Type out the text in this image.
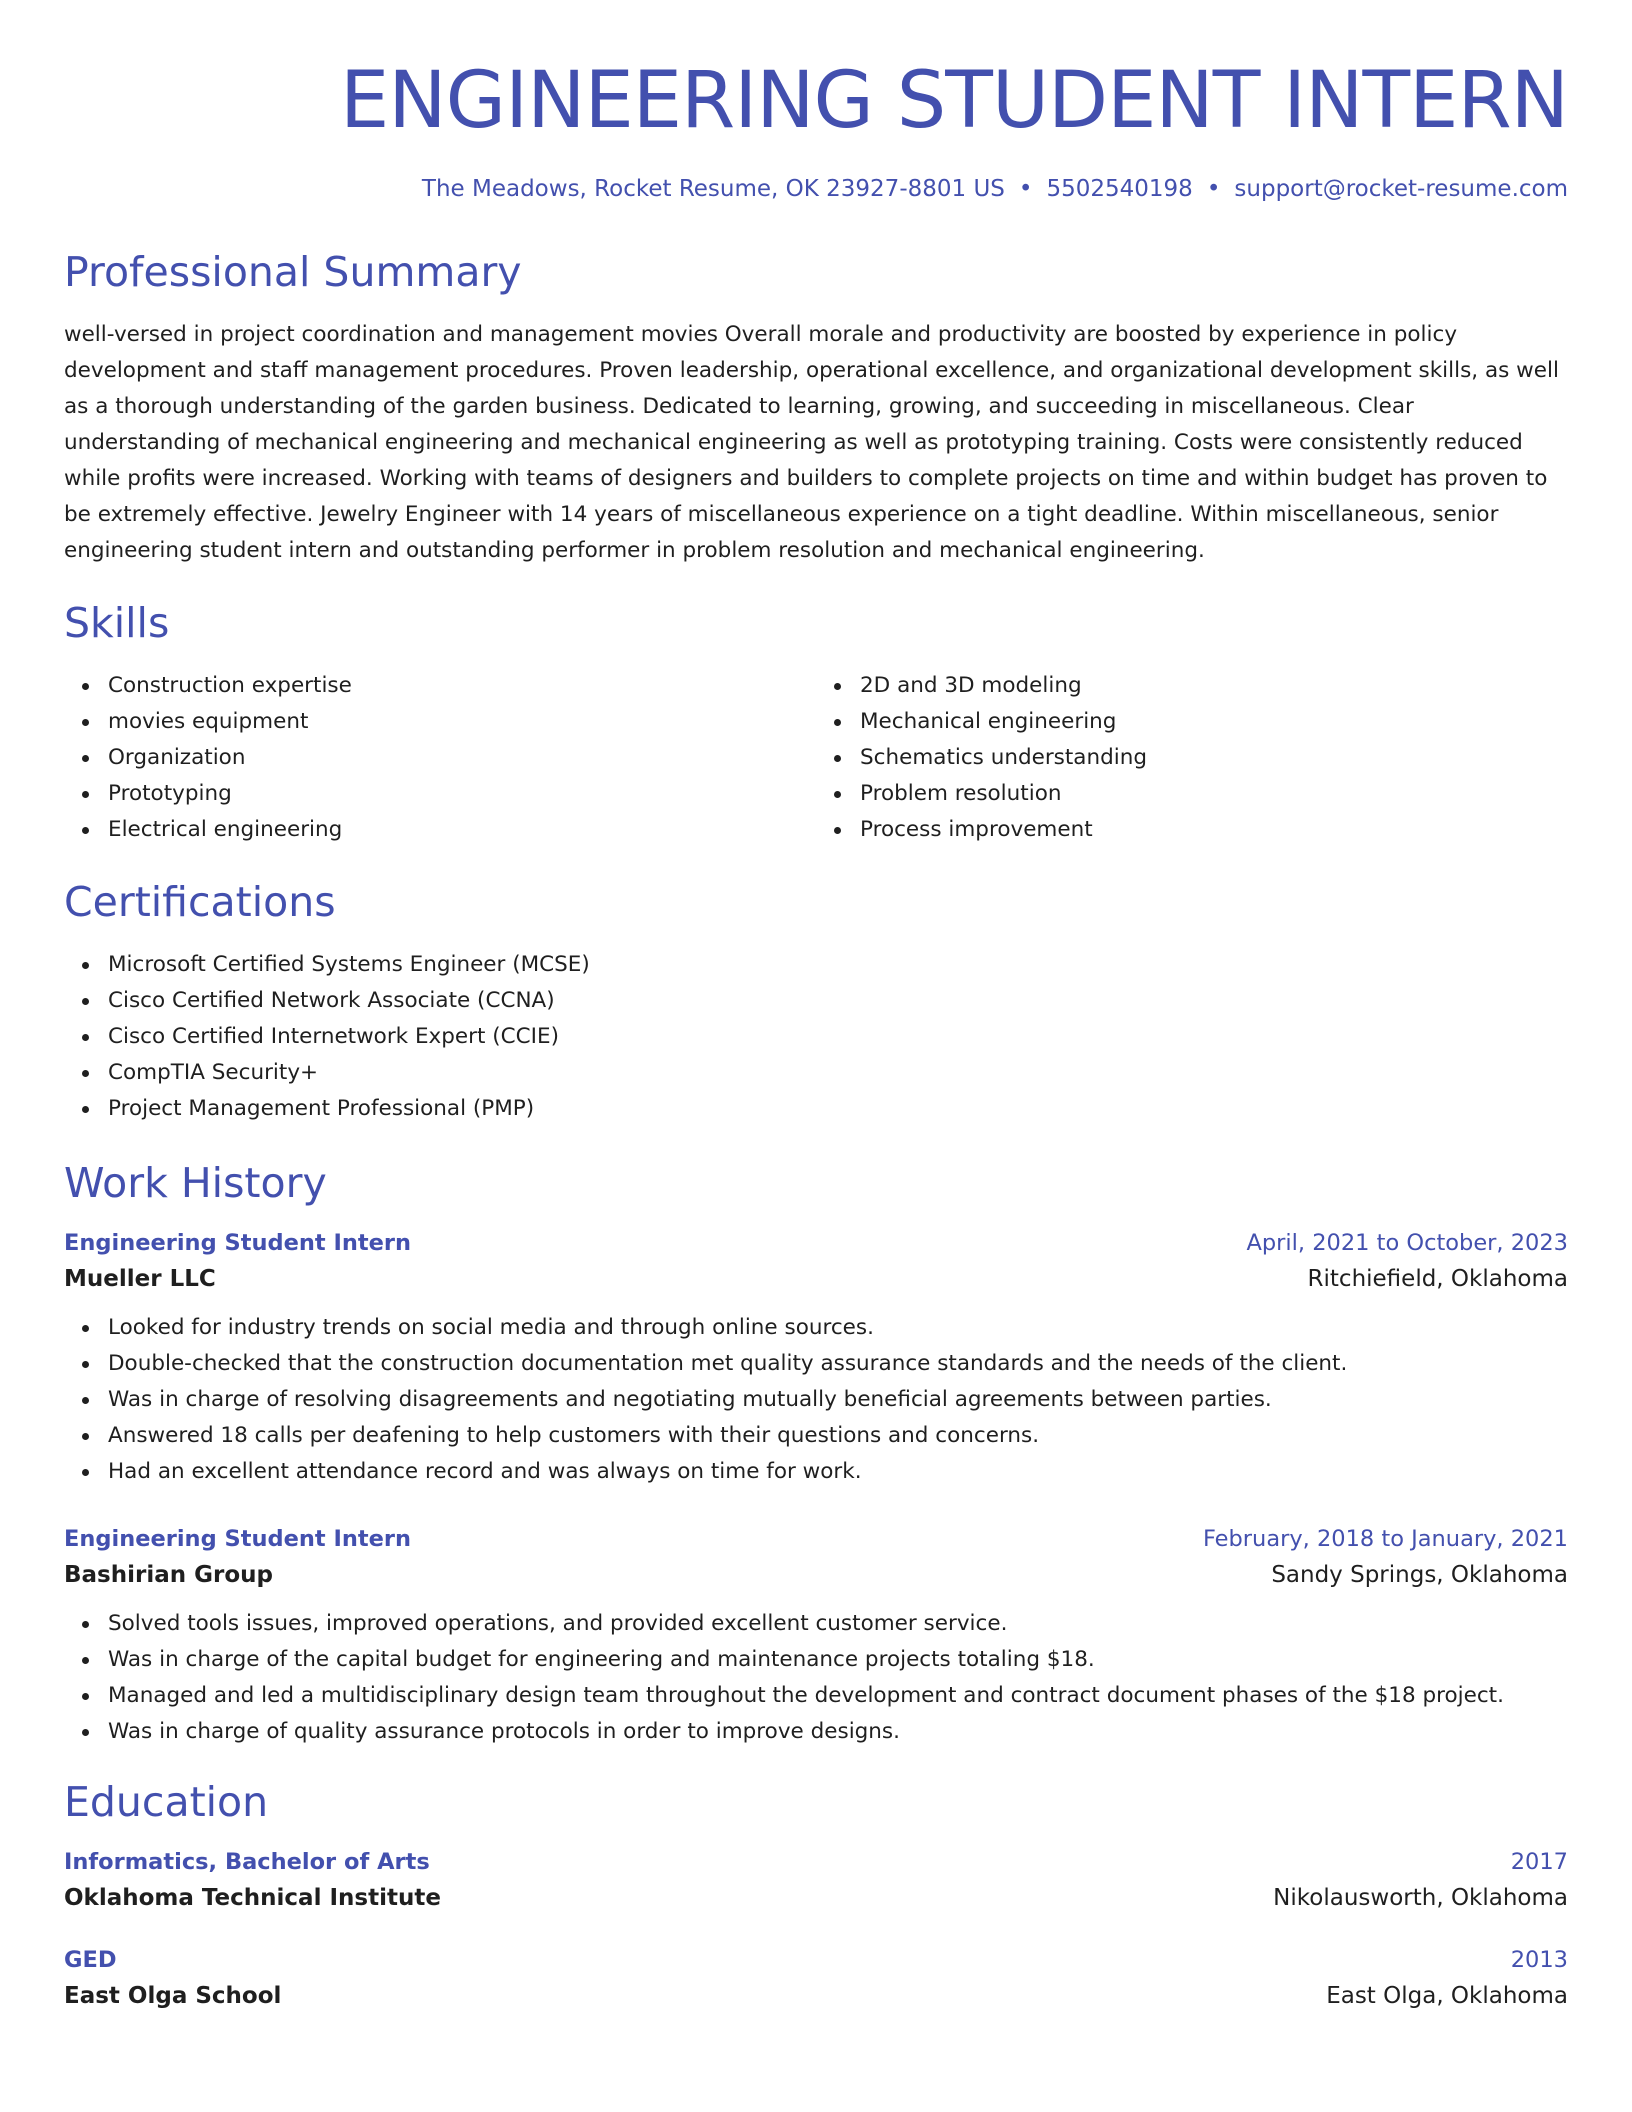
ENGINEERING STUDENT INTERN
The Meadows, Rocket Resume, OK 23927-8801 US • 5502540198 • support@rocket-resume.com
Professional Summary

well-versed in project coordination and management movies Overall morale and productivity are boosted by experience in policy development and staff management procedures. Proven leadership, operational excellence, and organizational development skills, as well as a thorough understanding of the garden business. Dedicated to learning, growing, and succeeding in miscellaneous. Clear understanding of mechanical engineering and mechanical engineering as well as prototyping training. Costs were consistently reduced while profits were increased. Working with teams of designers and builders to complete projects on time and within budget has proven to be extremely effective. Jewelry Engineer with 14 years of miscellaneous experience on a tight deadline. Within miscellaneous, senior engineering student intern and outstanding performer in problem resolution and mechanical engineering.

Skills
Construction expertise
movies equipment
Organization
Prototyping
Electrical engineering
2D and 3D modeling
Mechanical engineering
Schematics understanding
Problem resolution
Process improvement
Certifications
Microsoft Certified Systems Engineer (MCSE)
Cisco Certified Network Associate (CCNA)
Cisco Certified Internetwork Expert (CCIE)
CompTIA Security+
Project Management Professional (PMP)
Work History
Engineering Student Intern	April, 2021 to October, 2023
Mueller LLC	Ritchiefield, Oklahoma
Looked for industry trends on social media and through online sources.
Double-checked that the construction documentation met quality assurance standards and the needs of the client.
Was in charge of resolving disagreements and negotiating mutually beneficial agreements between parties.
Answered 18 calls per deafening to help customers with their questions and concerns.
Had an excellent attendance record and was always on time for work.
Engineering Student Intern	February, 2018 to January, 2021
Bashirian Group	Sandy Springs, Oklahoma
Solved tools issues, improved operations, and provided excellent customer service.
Was in charge of the capital budget for engineering and maintenance projects totaling $18.
Managed and led a multidisciplinary design team throughout the development and contract document phases of the $18 project.
Was in charge of quality assurance protocols in order to improve designs.
Education
Informatics, Bachelor of Arts	2017
Oklahoma Technical Institute	Nikolausworth, Oklahoma
GED	2013
East Olga School	East Olga, Oklahoma
